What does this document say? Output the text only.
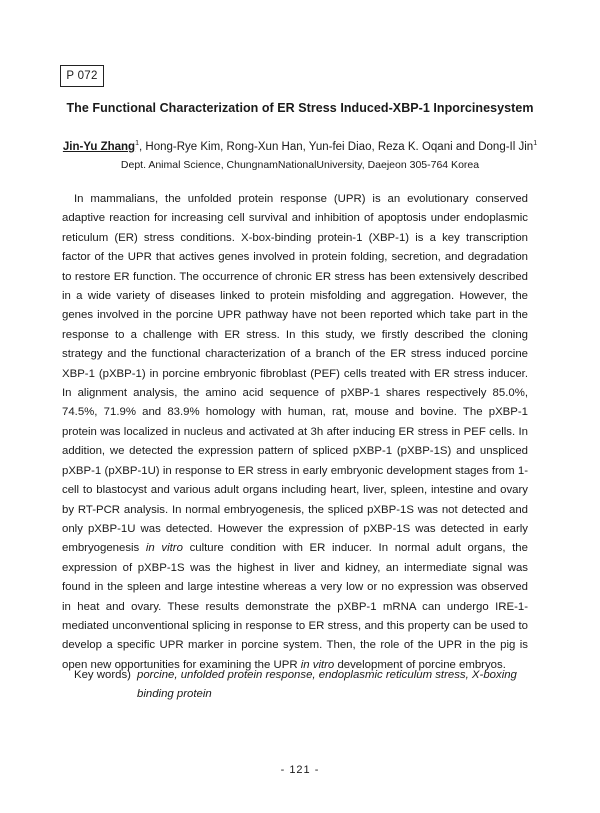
P 072
The Functional Characterization of ER Stress Induced-XBP-1 Inporcinesystem
Jin-Yu Zhang$^1$, Hong-Rye Kim, Rong-Xun Han, Yun-fei Diao, Reza K. Oqani and Dong-Il Jin$^1$
Dept. Animal Science, ChungnamNationalUniversity, Daejeon 305-764 Korea

In mammalians, the unfolded protein response (UPR) is an evolutionary conserved adaptive reaction for increasing cell survival and inhibition of apoptosis under endoplasmic reticulum (ER) stress conditions. X-box-binding protein-1 (XBP-1) is a key transcription factor of the UPR that actives genes involved in protein folding, secretion, and degradation to restore ER function. The occurrence of chronic ER stress has been extensively described in a wide variety of diseases linked to protein misfolding and aggregation. However, the genes involved in the porcine UPR pathway have not been reported which take part in the response to a challenge with ER stress. In this study, we firstly described the cloning strategy and the functional characterization of a branch of the ER stress induced porcine XBP-1 (pXBP-1) in porcine embryonic fibroblast (PEF) cells treated with ER stress inducer. In alignment analysis, the amino acid sequence of pXBP-1 shares respectively 85.0%, 74.5%, 71.9% and 83.9% homology with human, rat, mouse and bovine. The pXBP-1 protein was localized in nucleus and activated at 3h after inducing ER stress in PEF cells. In addition, we detected the expression pattern of spliced pXBP-1 (pXBP-1S) and unspliced pXBP-1 (pXBP-1U) in response to ER stress in early embryonic development stages from 1-cell to blastocyst and various adult organs including heart, liver, spleen, intestine and ovary by RT-PCR analysis. In normal embryogenesis, the spliced pXBP-1S was not detected and only pXBP-1U was detected. However the expression of pXBP-1S was detected in early embryogenesis in vitro culture condition with ER inducer. In normal adult organs, the expression of pXBP-1S was the highest in liver and kidney, an intermediate signal was found in the spleen and large intestine whereas a very low or no expression was observed in heat and ovary. These results demonstrate the pXBP-1 mRNA can undergo IRE-1-mediated unconventional splicing in response to ER stress, and this property can be used to develop a specific UPR marker in porcine system. Then, the role of the UPR in the pig is open new opportunities for examining the UPR in vitro development of porcine embryos.

Key words) porcine, unfolded protein response, endoplasmic reticulum stress, X-boxing binding protein
- 121 -
